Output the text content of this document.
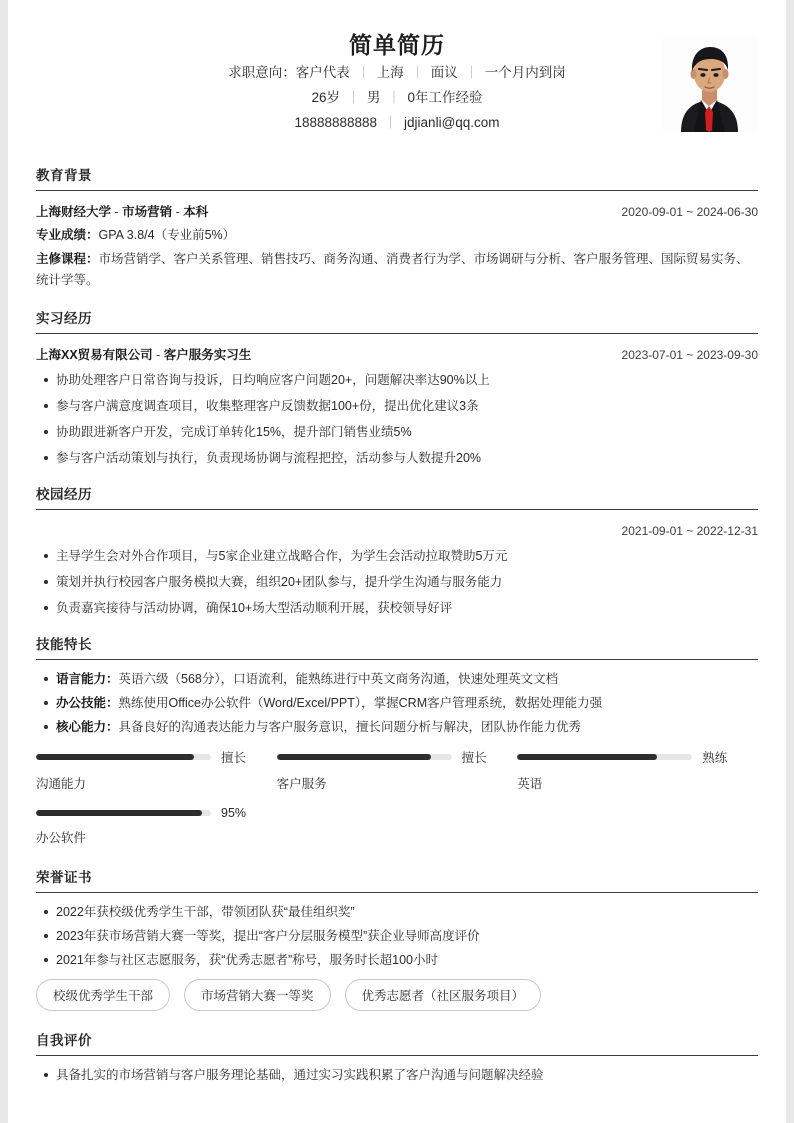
简单简历
求职意向：客户代表 ｜ 上海 ｜ 面议 ｜ 一个月内到岗
26岁 ｜ 男 ｜ 0年工作经验
18888888888 ｜ jdjianli@qq.com
教育背景
上海财经大学 - 市场营销 - 本科	2020-09-01 ~ 2024-06-30
专业成绩：GPA 3.8/4（专业前5%）
主修课程：市场营销学、客户关系管理、销售技巧、商务沟通、消费者行为学、市场调研与分析、客户服务管理、国际贸易实务、统计学等。
实习经历
上海XX贸易有限公司 - 客户服务实习生	2023-07-01 ~ 2023-09-30
协助处理客户日常咨询与投诉，日均响应客户问题20+，问题解决率达90%以上
参与客户满意度调查项目，收集整理客户反馈数据100+份，提出优化建议3条
协助跟进新客户开发，完成订单转化15%，提升部门销售业绩5%
参与客户活动策划与执行，负责现场协调与流程把控，活动参与人数提升20%
校园经历
2021-09-01 ~ 2022-12-31
主导学生会对外合作项目，与5家企业建立战略合作，为学生会活动拉取赞助5万元
策划并执行校园客户服务模拟大赛，组织20+团队参与，提升学生沟通与服务能力
负责嘉宾接待与活动协调，确保10+场大型活动顺利开展，获校领导好评
技能特长
语言能力：英语六级（568分），口语流利，能熟练进行中英文商务沟通，快速处理英文文档
办公技能：熟练使用Office办公软件（Word/Excel/PPT），掌握CRM客户管理系统，数据处理能力强
核心能力：具备良好的沟通表达能力与客户服务意识，擅长问题分析与解决，团队协作能力优秀
擅长
沟通能力
擅长
客户服务
熟练
英语
95%
办公软件
荣誉证书
2022年获校级优秀学生干部，带领团队获“最佳组织奖”
2023年获市场营销大赛一等奖，提出“客户分层服务模型”获企业导师高度评价
2021年参与社区志愿服务，获“优秀志愿者”称号，服务时长超100小时
校级优秀学生干部	市场营销大赛一等奖	优秀志愿者（社区服务项目）
自我评价
具备扎实的市场营销与客户服务理论基础，通过实习实践积累了客户沟通与问题解决经验
